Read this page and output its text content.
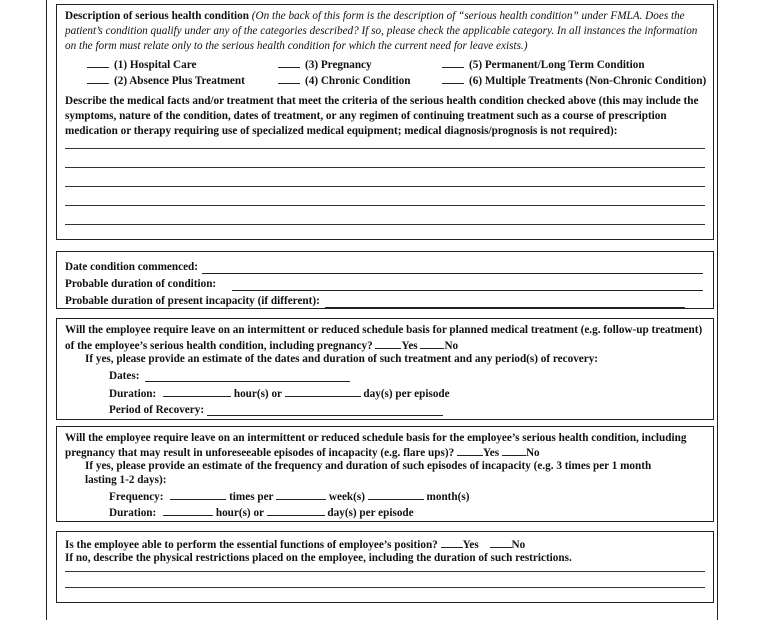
Description of serious health condition (On the back of this form is the description of “serious health condition” under FMLA. Does the patient’s condition qualify under any of the categories described? If so, please check the applicable category. In all instances the information on the form must relate only to the serious health condition for which the current need for leave exists.)
(1) Hospital Care
(2) Absence Plus Treatment
(3) Pregnancy
(4) Chronic Condition
(5) Permanent/Long Term Condition
(6) Multiple Treatments (Non-Chronic Condition)
Describe the medical facts and/or treatment that meet the criteria of the serious health condition checked above (this may include the symptoms, nature of the condition, dates of treatment, or any regimen of continuing treatment such as a course of prescription medication or therapy requiring use of specialized medical equipment; medical diagnosis/prognosis is not required):
Date condition commenced:
Probable duration of condition:
Probable duration of present incapacity (if different):
Will the employee require leave on an intermittent or reduced schedule basis for planned medical treatment (e.g. follow-up treatment)
of the employee’s serious health condition, including pregnancy?	Yes No
If yes, please provide an estimate of the dates and duration of such treatment and any period(s) of recovery:
Dates:
Duration:	hour(s) or	day(s) per episode
Period of Recovery:
Will the employee require leave on an intermittent or reduced schedule basis for the employee’s serious health condition, including
pregnancy that may result in unforeseeable episodes of incapacity (e.g. flare ups)?	Yes No
If yes, please provide an estimate of the frequency and duration of such episodes of incapacity (e.g. 3 times per 1 month
lasting 1-2 days):
Frequency:	times per	week(s)	month(s)
Duration:	hour(s) or	day(s) per episode
Is the employee able to perform the essential functions of employee’s position? Yes	No
If no, describe the physical restrictions placed on the employee, including the duration of such restrictions.
